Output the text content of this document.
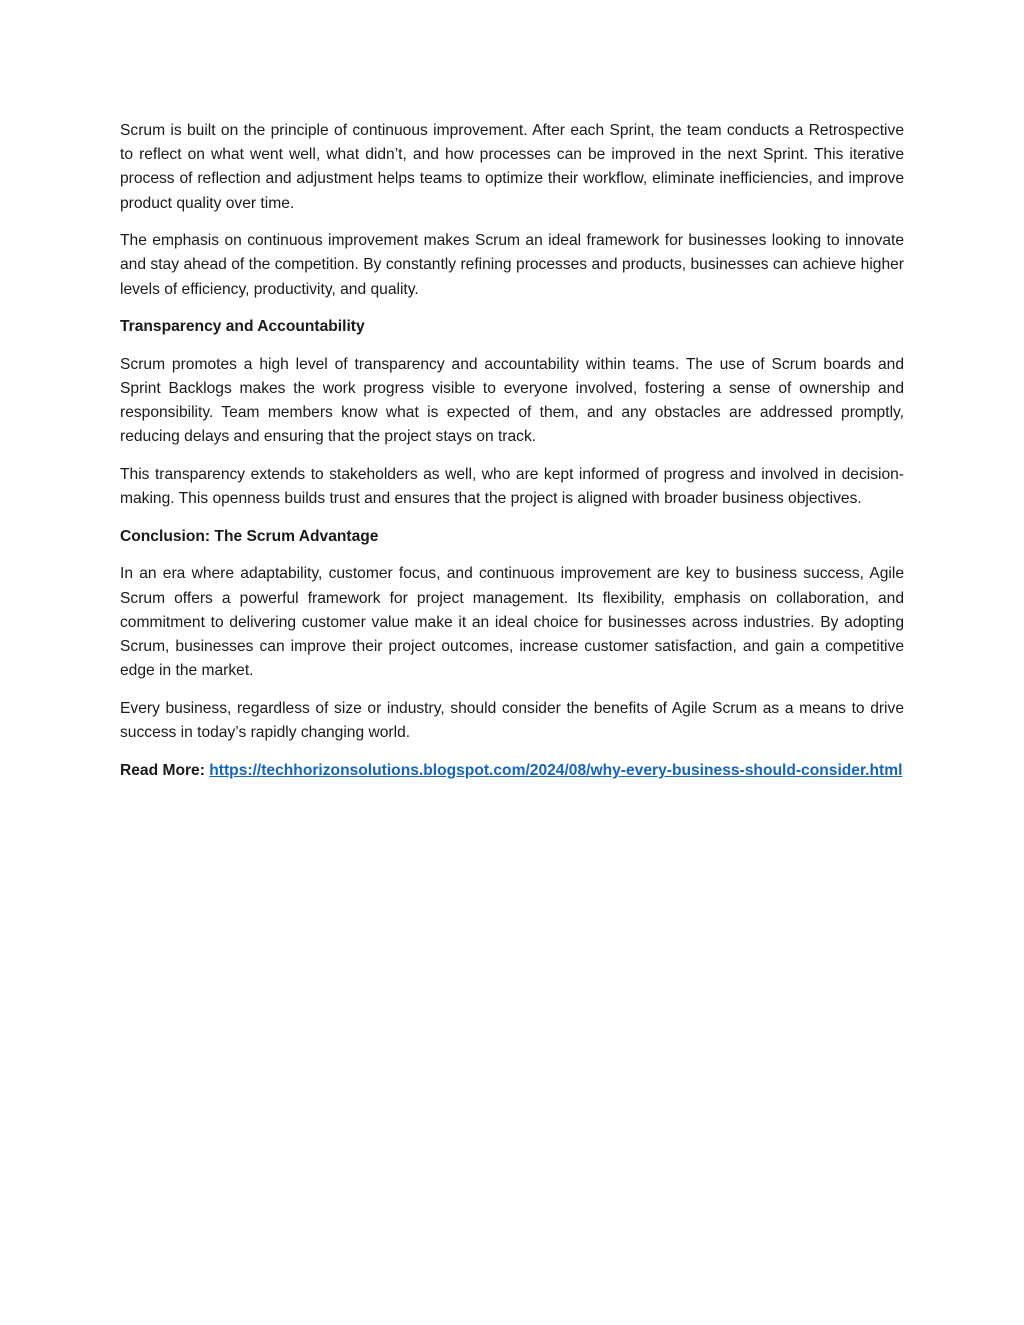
Scrum is built on the principle of continuous improvement. After each Sprint, the team conducts a Retrospective to reflect on what went well, what didn’t, and how processes can be improved in the next Sprint. This iterative process of reflection and adjustment helps teams to optimize their workflow, eliminate inefficiencies, and improve product quality over time.

The emphasis on continuous improvement makes Scrum an ideal framework for businesses looking to innovate and stay ahead of the competition. By constantly refining processes and products, businesses can achieve higher levels of efficiency, productivity, and quality.

Transparency and Accountability

Scrum promotes a high level of transparency and accountability within teams. The use of Scrum boards and Sprint Backlogs makes the work progress visible to everyone involved, fostering a sense of ownership and responsibility. Team members know what is expected of them, and any obstacles are addressed promptly, reducing delays and ensuring that the project stays on track.

This transparency extends to stakeholders as well, who are kept informed of progress and involved in decision-making. This openness builds trust and ensures that the project is aligned with broader business objectives.

Conclusion: The Scrum Advantage

In an era where adaptability, customer focus, and continuous improvement are key to business success, Agile Scrum offers a powerful framework for project management. Its flexibility, emphasis on collaboration, and commitment to delivering customer value make it an ideal choice for businesses across industries. By adopting Scrum, businesses can improve their project outcomes, increase customer satisfaction, and gain a competitive edge in the market.

Every business, regardless of size or industry, should consider the benefits of Agile Scrum as a means to drive success in today’s rapidly changing world.

Read More: https://techhorizonsolutions.blogspot.com/2024/08/why-every-business-should-consider.html
